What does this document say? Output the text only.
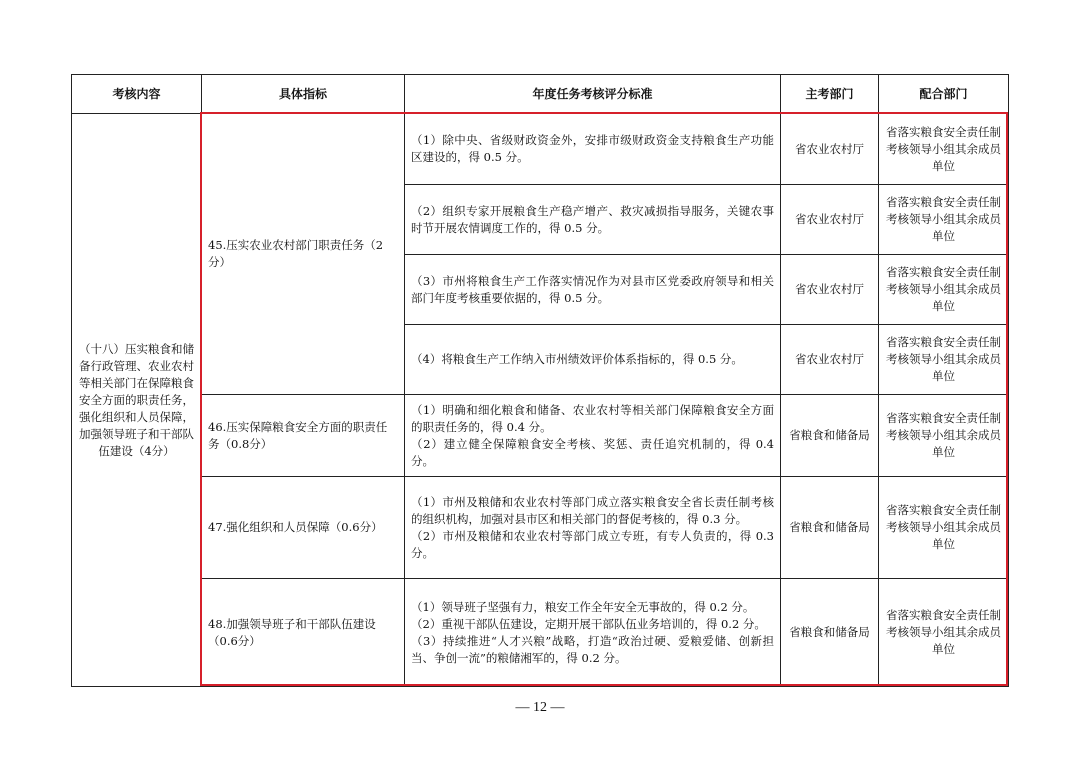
考核内容	具体指标	年度任务考核评分标准	主考部门	配合部门
（十八）压实粮食和储备行政管理、农业农村等相关部门在保障粮食安全方面的职责任务，强化组织和人员保障，加强领导班子和干部队伍建设（4分）	45.压实农业农村部门职责任务（2分）	（1）除中央、省级财政资金外，安排市级财政资金支持粮食生产功能区建设的，得 0.5 分。	省农业农村厅	省落实粮食安全责任制考核领导小组其余成员单位

		（2）组织专家开展粮食生产稳产增产、救灾减损指导服务，关键农事时节开展农情调度工作的，得 0.5 分。	省农业农村厅	省落实粮食安全责任制考核领导小组其余成员单位

		（3）市州将粮食生产工作落实情况作为对县市区党委政府领导和相关部门年度考核重要依据的，得 0.5 分。	省农业农村厅	省落实粮食安全责任制考核领导小组其余成员单位

		（4）将粮食生产工作纳入市州绩效评价体系指标的，得 0.5 分。	省农业农村厅	省落实粮食安全责任制考核领导小组其余成员单位
	46.压实保障粮食安全方面的职责任务（0.8分）	（1）明确和细化粮食和储备、农业农村等相关部门保障粮食安全方面的职责任务的，得 0.4 分。
（2）建立健全保障粮食安全考核、奖惩、责任追究机制的，得 0.4 分。	省粮食和储备局	省落实粮食安全责任制考核领导小组其余成员单位
	47.强化组织和人员保障（0.6分）	（1）市州及粮储和农业农村等部门成立落实粮食安全省长责任制考核的组织机构，加强对县市区和相关部门的督促考核的，得 0.3 分。
（2）市州及粮储和农业农村等部门成立专班，有专人负责的，得 0.3 分。	省粮食和储备局	省落实粮食安全责任制考核领导小组其余成员单位
	48.加强领导班子和干部队伍建设（0.6分）	（1）领导班子坚强有力，粮安工作全年安全无事故的，得 0.2 分。
（2）重视干部队伍建设，定期开展干部队伍业务培训的，得 0.2 分。
（3）持续推进“人才兴粮”战略，打造“政治过硬、爱粮爱储、创新担当、争创一流”的粮储湘军的，得 0.2 分。	省粮食和储备局	省落实粮食安全责任制考核领导小组其余成员单位
— 12 —
